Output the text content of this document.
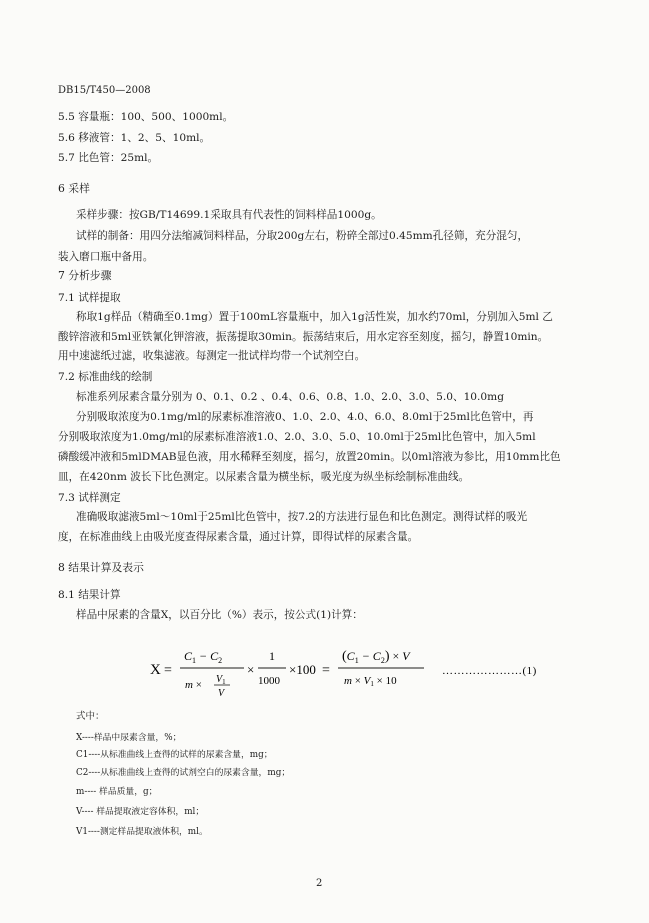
DB15/T450—2008
5.5 容量瓶：100、500、1000ml。
5.6 移液管：1、2、5、10ml。
5.7 比色管：25ml。
6 采样
采样步骤：按GB/T14699.1采取具有代表性的饲料样品1000g。
试样的制备：用四分法缩减饲料样品，分取200g左右，粉碎全部过0.45mm孔径筛，充分混匀，
装入磨口瓶中备用。
7 分析步骤
7.1 试样提取
称取1g样品（精确至0.1mg）置于100mL容量瓶中，加入1g活性炭，加水约70ml，分别加入5ml 乙
酸锌溶液和5ml亚铁氰化钾溶液，振荡提取30min。振荡结束后，用水定容至刻度，摇匀，静置10min。
用中速滤纸过滤，收集滤液。每测定一批试样均带一个试剂空白。
7.2 标准曲线的绘制
标准系列尿素含量分别为 0、0.1、0.2 、0.4、0.6、0.8、1.0、2.0、3.0、5.0、10.0mg
分别吸取浓度为0.1mg/ml的尿素标准溶液0、1.0、2.0、4.0、6.0、8.0ml于25ml比色管中，再
分别吸取浓度为1.0mg/ml的尿素标准溶液1.0、2.0、3.0、5.0、10.0ml于25ml比色管中，加入5ml
磷酸缓冲液和5mlDMAB显色液，用水稀释至刻度，摇匀，放置20min。以0ml溶液为参比，用10mm比色
皿，在420nm 波长下比色测定。以尿素含量为横坐标，吸光度为纵坐标绘制标准曲线。
7.3 试样测定
准确吸取滤液5ml～10ml于25ml比色管中，按7.2的方法进行显色和比色测定。测得试样的吸光
度，在标准曲线上由吸光度查得尿素含量，通过计算，即得试样的尿素含量。
8 结果计算及表示
8.1 结果计算
样品中尿素的含量X，以百分比（%）表示，按公式(1)计算：
X =
$C_1 - C_2$
$m \times V_1$
V
×
1
1000
×100 =
$(C_1 - C_2) \times V$
m × V1 × 10
…………………(1)
式中：
X----样品中尿素含量，%；
C1----从标准曲线上查得的试样的尿素含量，mg；
C2----从标准曲线上查得的试剂空白的尿素含量，mg；
m---- 样品质量，g；
V---- 样品提取液定容体积，ml；
V1----测定样品提取液体积，ml。
2
